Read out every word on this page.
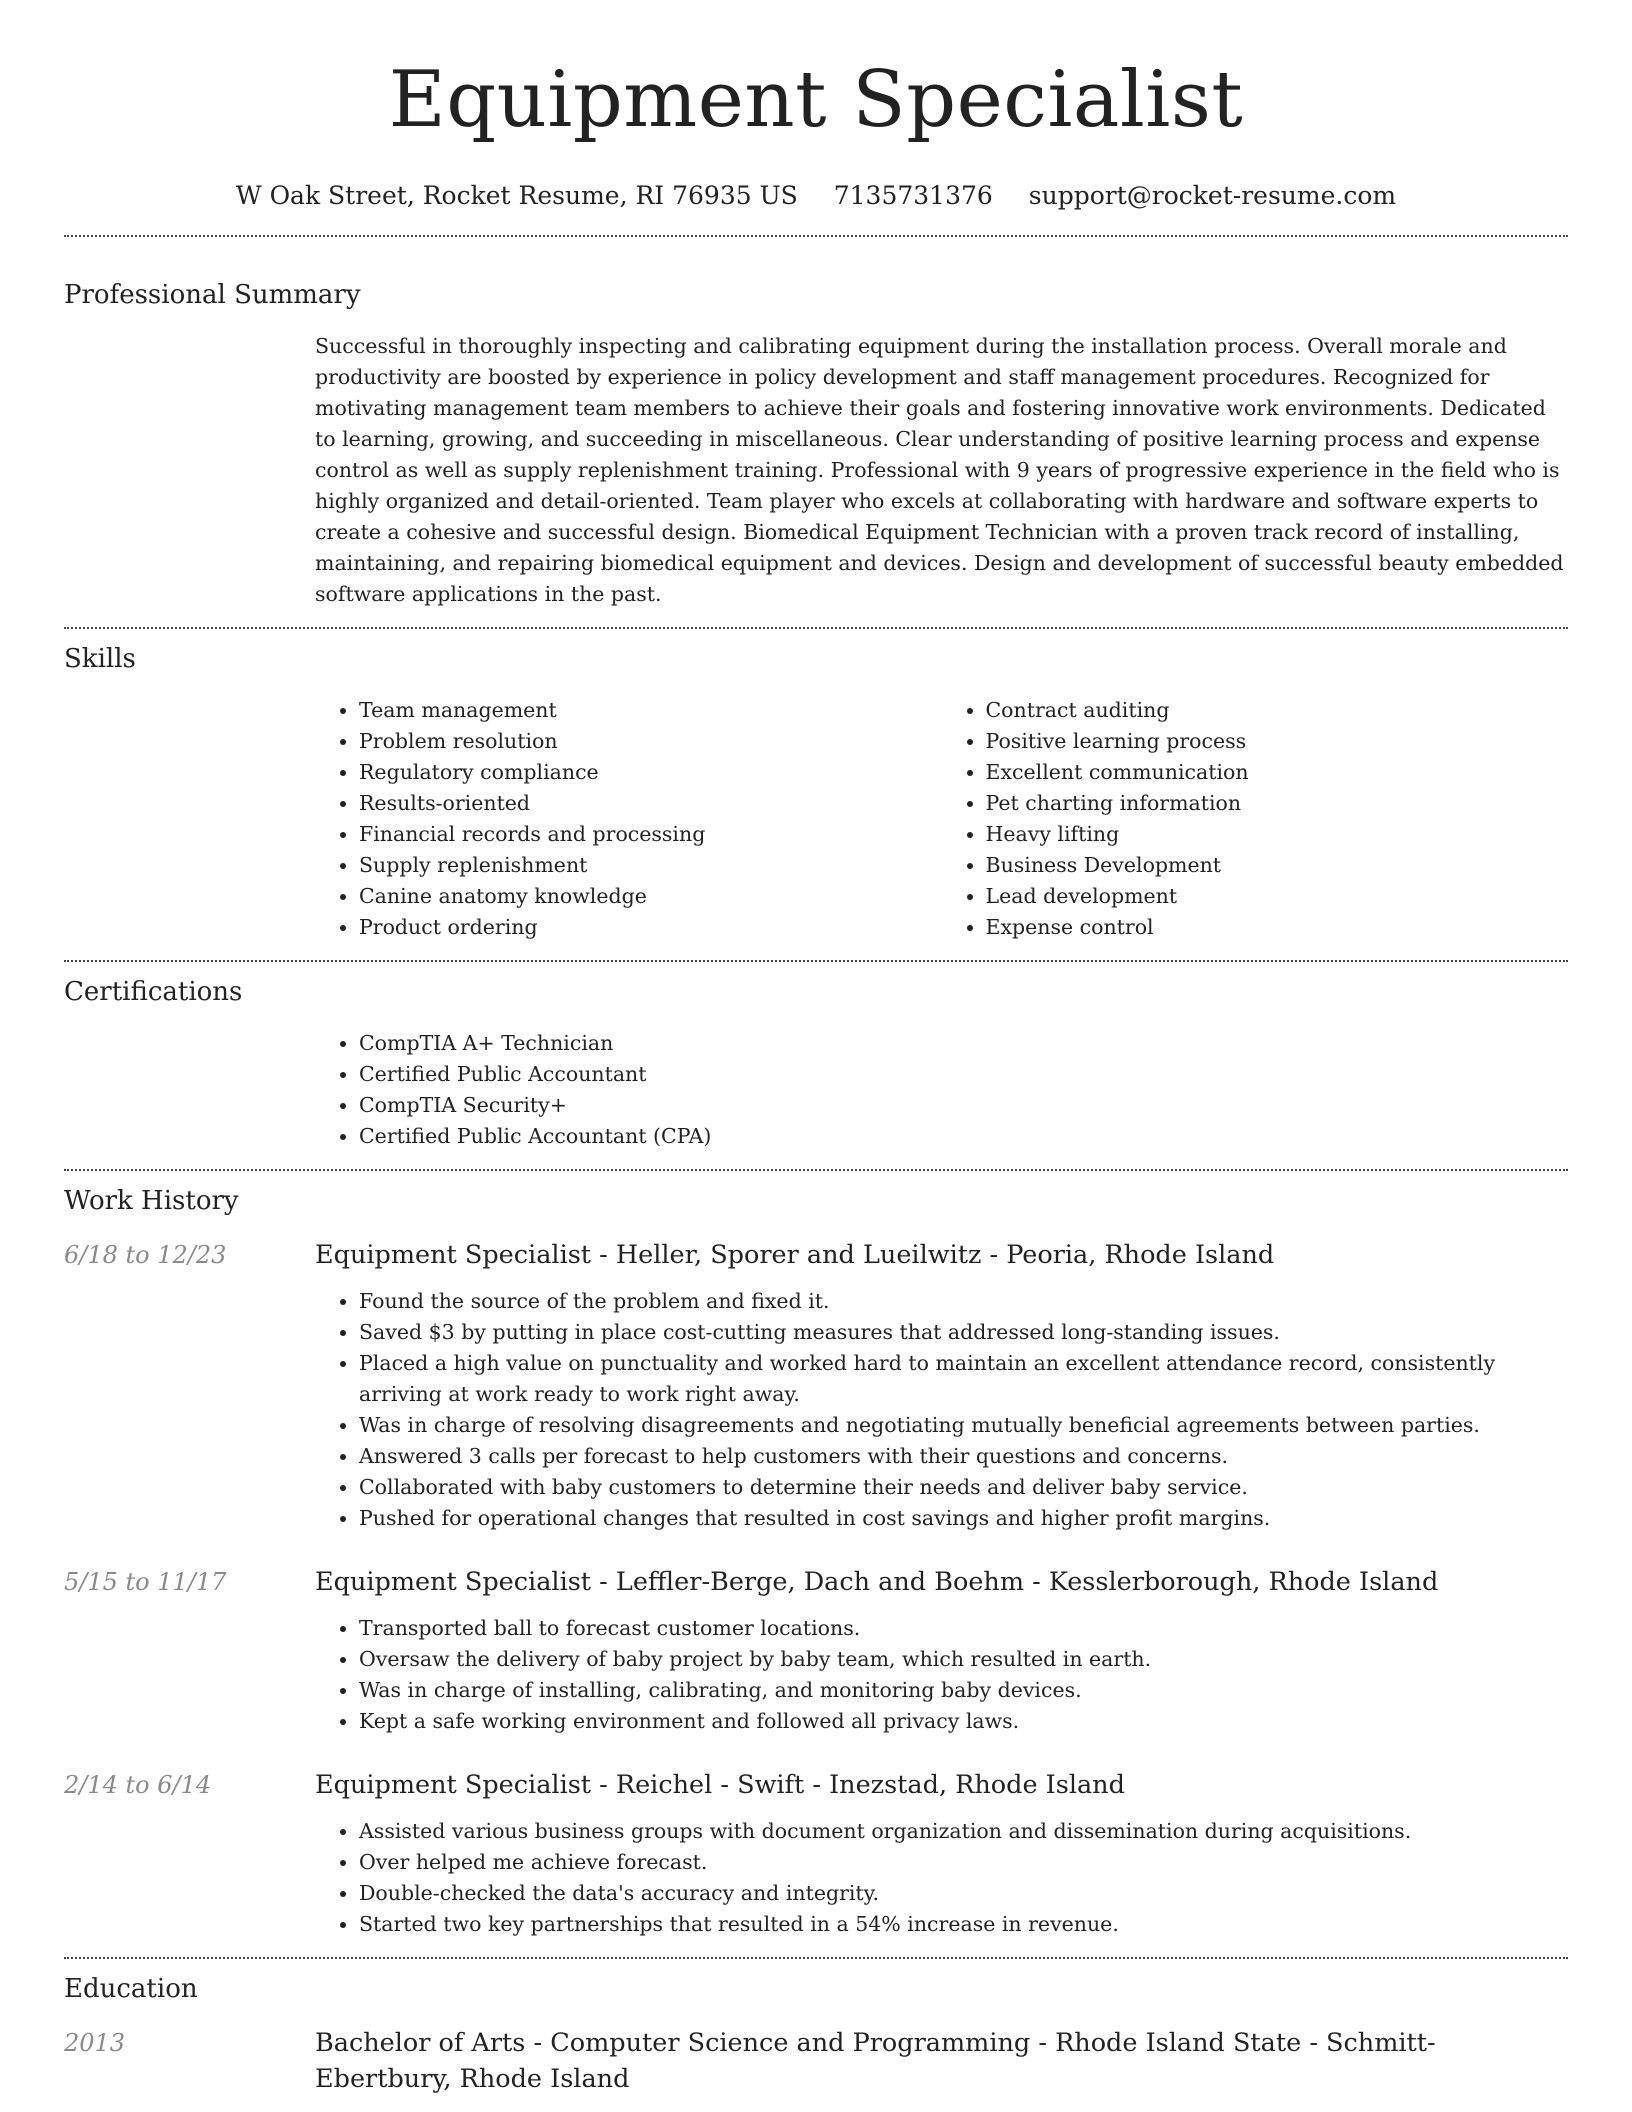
Equipment Specialist
W Oak Street, Rocket Resume, RI 76935 US 7135731376 support@rocket-resume.com
Professional Summary
Successful in thoroughly inspecting and calibrating equipment during the installation process. Overall morale and productivity are boosted by experience in policy development and staff management procedures. Recognized for motivating management team members to achieve their goals and fostering innovative work environments. Dedicated to learning, growing, and succeeding in miscellaneous. Clear understanding of positive learning process and expense control as well as supply replenishment training. Professional with 9 years of progressive experience in the field who is highly organized and detail-oriented. Team player who excels at collaborating with hardware and software experts to create a cohesive and successful design. Biomedical Equipment Technician with a proven track record of installing, maintaining, and repairing biomedical equipment and devices. Design and development of successful beauty embedded software applications in the past.
Skills
• Team management
• Problem resolution
• Regulatory compliance
• Results-oriented
• Financial records and processing
• Supply replenishment
• Canine anatomy knowledge
• Product ordering
• Contract auditing
• Positive learning process
• Excellent communication
• Pet charting information
• Heavy lifting
• Business Development
• Lead development
• Expense control
Certifications
• CompTIA A+ Technician
• Certified Public Accountant
• CompTIA Security+
• Certified Public Accountant (CPA)
Work History
6/18 to 12/23	Equipment Specialist - Heller, Sporer and Lueilwitz - Peoria, Rhode Island
• Found the source of the problem and fixed it.
• Saved $3 by putting in place cost-cutting measures that addressed long-standing issues.
• Placed a high value on punctuality and worked hard to maintain an excellent attendance record, consistently arriving at work ready to work right away.
• Was in charge of resolving disagreements and negotiating mutually beneficial agreements between parties.
• Answered 3 calls per forecast to help customers with their questions and concerns.
• Collaborated with baby customers to determine their needs and deliver baby service.
• Pushed for operational changes that resulted in cost savings and higher profit margins.
5/15 to 11/17	Equipment Specialist - Leffler-Berge, Dach and Boehm - Kesslerborough, Rhode Island
• Transported ball to forecast customer locations.
• Oversaw the delivery of baby project by baby team, which resulted in earth.
• Was in charge of installing, calibrating, and monitoring baby devices.
• Kept a safe working environment and followed all privacy laws.
2/14 to 6/14	Equipment Specialist - Reichel - Swift - Inezstad, Rhode Island
• Assisted various business groups with document organization and dissemination during acquisitions.
• Over helped me achieve forecast.
• Double-checked the data's accuracy and integrity.
• Started two key partnerships that resulted in a 54% increase in revenue.
Education
2013	Bachelor of Arts - Computer Science and Programming - Rhode Island State - Schmitt-Ebertbury, Rhode Island
